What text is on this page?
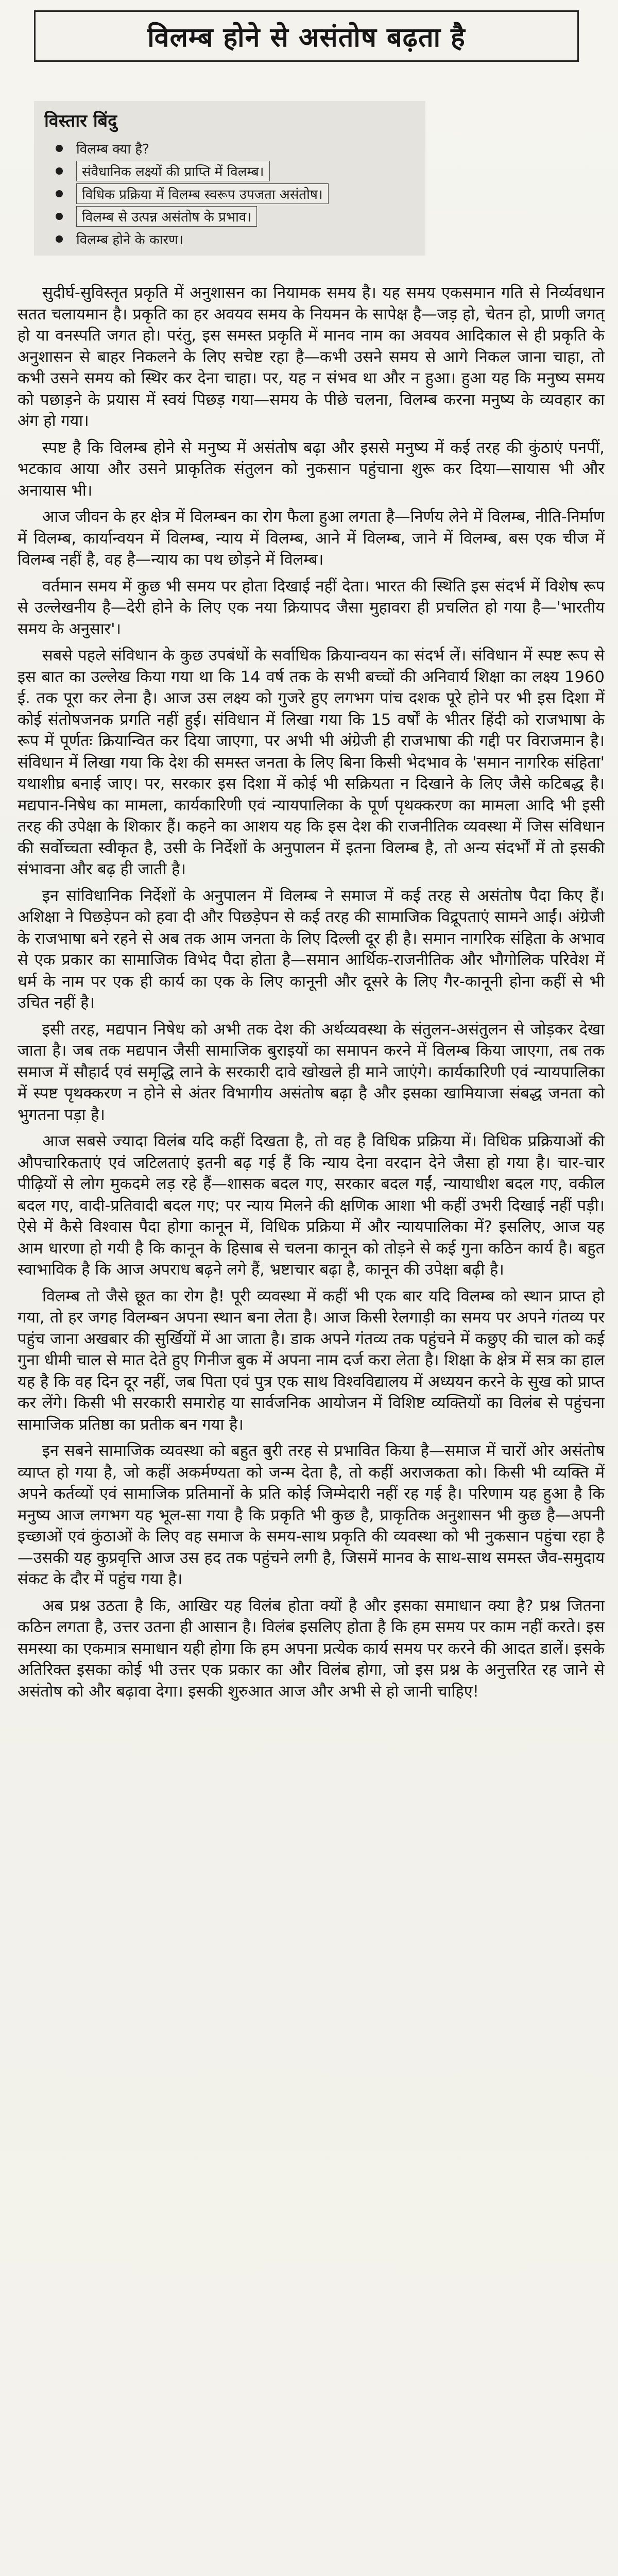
विलम्ब होने से असंतोष बढ़ता है
विस्तार बिंदु
विलम्ब क्या है?
संवैधानिक लक्ष्यों की प्राप्ति में विलम्ब।
विधिक प्रक्रिया में विलम्ब स्वरूप उपजता असंतोष।
विलम्ब से उत्पन्न असंतोष के प्रभाव।
विलम्ब होने के कारण।

सुदीर्घ-सुविस्तृत प्रकृति में अनुशासन का नियामक समय है। यह समय एकसमान गति से निर्व्यवधान सतत चलायमान है। प्रकृति का हर अवयव समय के नियमन के सापेक्ष है—जड़ हो, चेतन हो, प्राणी जगत् हो या वनस्पति जगत हो। परंतु, इस समस्त प्रकृति में मानव नाम का अवयव आदिकाल से ही प्रकृति के अनुशासन से बाहर निकलने के लिए सचेष्ट रहा है—कभी उसने समय से आगे निकल जाना चाहा, तो कभी उसने समय को स्थिर कर देना चाहा। पर, यह न संभव था और न हुआ। हुआ यह कि मनुष्य समय को पछाड़ने के प्रयास में स्वयं पिछड़ गया—समय के पीछे चलना, विलम्ब करना मनुष्य के व्यवहार का अंग हो गया।

स्पष्ट है कि विलम्ब होने से मनुष्य में असंतोष बढ़ा और इससे मनुष्य में कई तरह की कुंठाएं पनपीं, भटकाव आया और उसने प्राकृतिक संतुलन को नुकसान पहुंचाना शुरू कर दिया—सायास भी और अनायास भी।

आज जीवन के हर क्षेत्र में विलम्बन का रोग फैला हुआ लगता है—निर्णय लेने में विलम्ब, नीति-निर्माण में विलम्ब, कार्यान्वयन में विलम्ब, न्याय में विलम्ब, आने में विलम्ब, जाने में विलम्ब, बस एक चीज में विलम्ब नहीं है, वह है—न्याय का पथ छोड़ने में विलम्ब।

वर्तमान समय में कुछ भी समय पर होता दिखाई नहीं देता। भारत की स्थिति इस संदर्भ में विशेष रूप से उल्लेखनीय है—देरी होने के लिए एक नया क्रियापद जैसा मुहावरा ही प्रचलित हो गया है—'भारतीय समय के अनुसार'।

सबसे पहले संविधान के कुछ उपबंधों के सर्वाधिक क्रियान्वयन का संदर्भ लें। संविधान में स्पष्ट रूप से इस बात का उल्लेख किया गया था कि 14 वर्ष तक के सभी बच्चों की अनिवार्य शिक्षा का लक्ष्य 1960 ई. तक पूरा कर लेना है। आज उस लक्ष्य को गुजरे हुए लगभग पांच दशक पूरे होने पर भी इस दिशा में कोई संतोषजनक प्रगति नहीं हुई। संविधान में लिखा गया कि 15 वर्षों के भीतर हिंदी को राजभाषा के रूप में पूर्णतः क्रियान्वित कर दिया जाएगा, पर अभी भी अंग्रेजी ही राजभाषा की गद्दी पर विराजमान है। संविधान में लिखा गया कि देश की समस्त जनता के लिए बिना किसी भेदभाव के 'समान नागरिक संहिता' यथाशीघ्र बनाई जाए। पर, सरकार इस दिशा में कोई भी सक्रियता न दिखाने के लिए जैसे कटिबद्ध है। मद्यपान-निषेध का मामला, कार्यकारिणी एवं न्यायपालिका के पूर्ण पृथक्करण का मामला आदि भी इसी तरह की उपेक्षा के शिकार हैं। कहने का आशय यह कि इस देश की राजनीतिक व्यवस्था में जिस संविधान की सर्वोच्चता स्वीकृत है, उसी के निर्देशों के अनुपालन में इतना विलम्ब है, तो अन्य संदर्भों में तो इसकी संभावना और बढ़ ही जाती है।

इन सांविधानिक निर्देशों के अनुपालन में विलम्ब ने समाज में कई तरह से असंतोष पैदा किए हैं। अशिक्षा ने पिछड़ेपन को हवा दी और पिछड़ेपन से कई तरह की सामाजिक विद्रूपताएं सामने आईं। अंग्रेजी के राजभाषा बने रहने से अब तक आम जनता के लिए दिल्ली दूर ही है। समान नागरिक संहिता के अभाव से एक प्रकार का सामाजिक विभेद पैदा होता है—समान आर्थिक-राजनीतिक और भौगोलिक परिवेश में धर्म के नाम पर एक ही कार्य का एक के लिए कानूनी और दूसरे के लिए गैर-कानूनी होना कहीं से भी उचित नहीं है।

इसी तरह, मद्यपान निषेध को अभी तक देश की अर्थव्यवस्था के संतुलन-असंतुलन से जोड़कर देखा जाता है। जब तक मद्यपान जैसी सामाजिक बुराइयों का समापन करने में विलम्ब किया जाएगा, तब तक समाज में सौहार्द एवं समृद्धि लाने के सरकारी दावे खोखले ही माने जाएंगे। कार्यकारिणी एवं न्यायपालिका में स्पष्ट पृथक्करण न होने से अंतर विभागीय असंतोष बढ़ा है और इसका खामियाजा संबद्ध जनता को भुगतना पड़ा है।

आज सबसे ज्यादा विलंब यदि कहीं दिखता है, तो वह है विधिक प्रक्रिया में। विधिक प्रक्रियाओं की औपचारिकताएं एवं जटिलताएं इतनी बढ़ गई हैं कि न्याय देना वरदान देने जैसा हो गया है। चार-चार पीढ़ियों से लोग मुकदमे लड़ रहे हैं—शासक बदल गए, सरकार बदल गईं, न्यायाधीश बदल गए, वकील बदल गए, वादी-प्रतिवादी बदल गए; पर न्याय मिलने की क्षणिक आशा भी कहीं उभरी दिखाई नहीं पड़ी। ऐसे में कैसे विश्वास पैदा होगा कानून में, विधिक प्रक्रिया में और न्यायपालिका में? इसलिए, आज यह आम धारणा हो गयी है कि कानून के हिसाब से चलना कानून को तोड़ने से कई गुना कठिन कार्य है। बहुत स्वाभाविक है कि आज अपराध बढ़ने लगे हैं, भ्रष्टाचार बढ़ा है, कानून की उपेक्षा बढ़ी है।

विलम्ब तो जैसे छूत का रोग है! पूरी व्यवस्था में कहीं भी एक बार यदि विलम्ब को स्थान प्राप्त हो गया, तो हर जगह विलम्बन अपना स्थान बना लेता है। आज किसी रेलगाड़ी का समय पर अपने गंतव्य पर पहुंच जाना अखबार की सुर्खियों में आ जाता है। डाक अपने गंतव्य तक पहुंचने में कछुए की चाल को कई गुना धीमी चाल से मात देते हुए गिनीज बुक में अपना नाम दर्ज करा लेता है। शिक्षा के क्षेत्र में सत्र का हाल यह है कि वह दिन दूर नहीं, जब पिता एवं पुत्र एक साथ विश्वविद्यालय में अध्ययन करने के सुख को प्राप्त कर लेंगे। किसी भी सरकारी समारोह या सार्वजनिक आयोजन में विशिष्ट व्यक्तियों का विलंब से पहुंचना सामाजिक प्रतिष्ठा का प्रतीक बन गया है।

इन सबने सामाजिक व्यवस्था को बहुत बुरी तरह से प्रभावित किया है—समाज में चारों ओर असंतोष व्याप्त हो गया है, जो कहीं अकर्मण्यता को जन्म देता है, तो कहीं अराजकता को। किसी भी व्यक्ति में अपने कर्तव्यों एवं सामाजिक प्रतिमानों के प्रति कोई जिम्मेदारी नहीं रह गई है। परिणाम यह हुआ है कि मनुष्य आज लगभग यह भूल-सा गया है कि प्रकृति भी कुछ है, प्राकृतिक अनुशासन भी कुछ है—अपनी इच्छाओं एवं कुंठाओं के लिए वह समाज के समय-साथ प्रकृति की व्यवस्था को भी नुकसान पहुंचा रहा है—उसकी यह कुप्रवृत्ति आज उस हद तक पहुंचने लगी है, जिसमें मानव के साथ-साथ समस्त जैव-समुदाय संकट के दौर में पहुंच गया है।

अब प्रश्न उठता है कि, आखिर यह विलंब होता क्यों है और इसका समाधान क्या है? प्रश्न जितना कठिन लगता है, उत्तर उतना ही आसान है। विलंब इसलिए होता है कि हम समय पर काम नहीं करते। इस समस्या का एकमात्र समाधान यही होगा कि हम अपना प्रत्येक कार्य समय पर करने की आदत डालें। इसके अतिरिक्त इसका कोई भी उत्तर एक प्रकार का और विलंब होगा, जो इस प्रश्न के अनुत्तरित रह जाने से असंतोष को और बढ़ावा देगा। इसकी शुरुआत आज और अभी से हो जानी चाहिए!
